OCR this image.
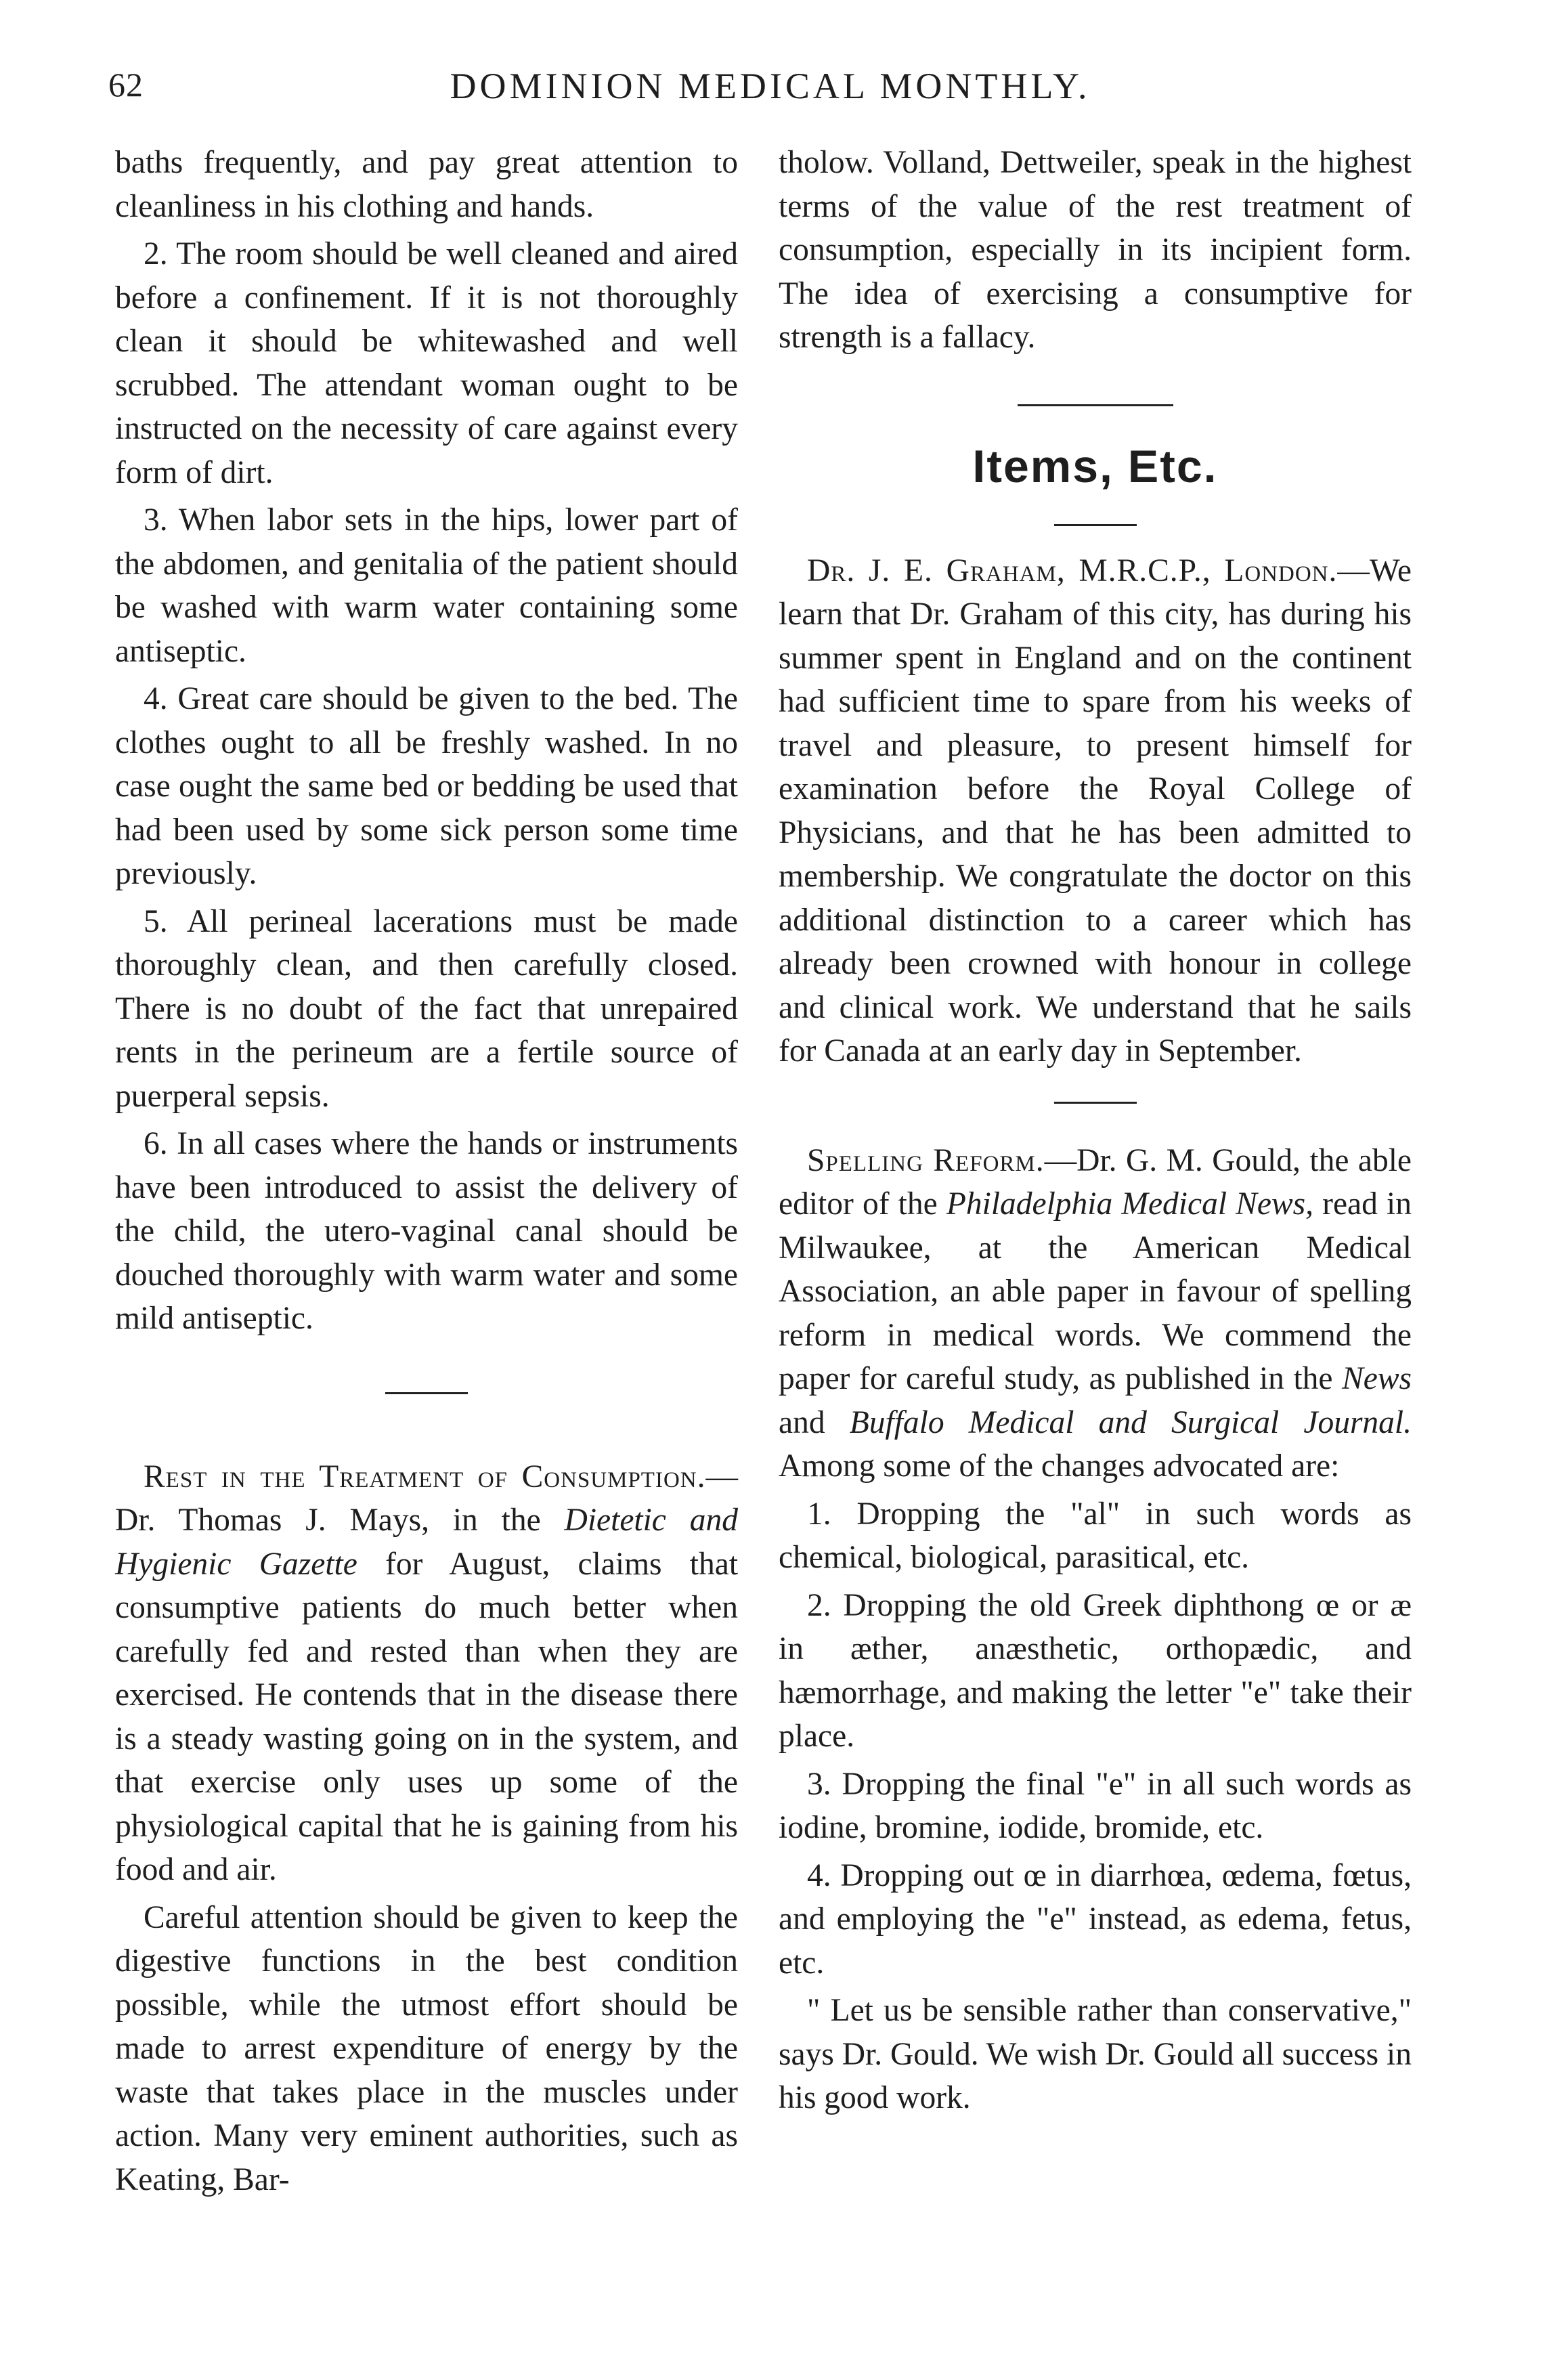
62	DOMINION MEDICAL MONTHLY.

baths frequently, and pay great attention to cleanliness in his clothing and hands.

2. The room should be well cleaned and aired before a confinement. If it is not thoroughly clean it should be whitewashed and well scrubbed. The attendant woman ought to be instructed on the necessity of care against every form of dirt.

3. When labor sets in the hips, lower part of the abdomen, and genitalia of the patient should be washed with warm water containing some antiseptic.

4. Great care should be given to the bed. The clothes ought to all be freshly washed. In no case ought the same bed or bedding be used that had been used by some sick person some time previously.

5. All perineal lacerations must be made thoroughly clean, and then carefully closed. There is no doubt of the fact that unrepaired rents in the perineum are a fertile source of puerperal sepsis.

6. In all cases where the hands or instruments have been introduced to assist the delivery of the child, the utero-vaginal canal should be douched thoroughly with warm water and some mild antiseptic.

Rest in the Treatment of Consumption.—Dr. Thomas J. Mays, in the Dietetic and Hygienic Gazette for August, claims that consumptive patients do much better when carefully fed and rested than when they are exercised. He contends that in the disease there is a steady wasting going on in the system, and that exercise only uses up some of the physiological capital that he is gaining from his food and air.

Careful attention should be given to keep the digestive functions in the best condition possible, while the utmost effort should be made to arrest expenditure of energy by the waste that takes place in the muscles under action. Many very eminent authorities, such as Keating, Bar-

tholow. Volland, Dettweiler, speak in the highest terms of the value of the rest treatment of consumption, especially in its incipient form. The idea of exercising a consumptive for strength is a fallacy.

Items, Etc.

Dr. J. E. Graham, M.R.C.P., London.—We learn that Dr. Graham of this city, has during his summer spent in England and on the continent had sufficient time to spare from his weeks of travel and pleasure, to present himself for examination before the Royal College of Physicians, and that he has been admitted to membership. We congratulate the doctor on this additional distinction to a career which has already been crowned with honour in college and clinical work. We understand that he sails for Canada at an early day in September.

Spelling Reform.—Dr. G. M. Gould, the able editor of the Philadelphia Medical News, read in Milwaukee, at the American Medical Association, an able paper in favour of spelling reform in medical words. We commend the paper for careful study, as published in the News and Buffalo Medical and Surgical Journal. Among some of the changes advocated are:

1. Dropping the "al" in such words as chemical, biological, parasitical, etc.

2. Dropping the old Greek diphthong œ or æ in æther, anæsthetic, orthopædic, and hæmorrhage, and making the letter "e" take their place.

3. Dropping the final "e" in all such words as iodine, bromine, iodide, bromide, etc.

4. Dropping out œ in diarrhœa, œdema, fœtus, and employing the "e" instead, as edema, fetus, etc.

" Let us be sensible rather than conservative," says Dr. Gould. We wish Dr. Gould all success in his good work.
